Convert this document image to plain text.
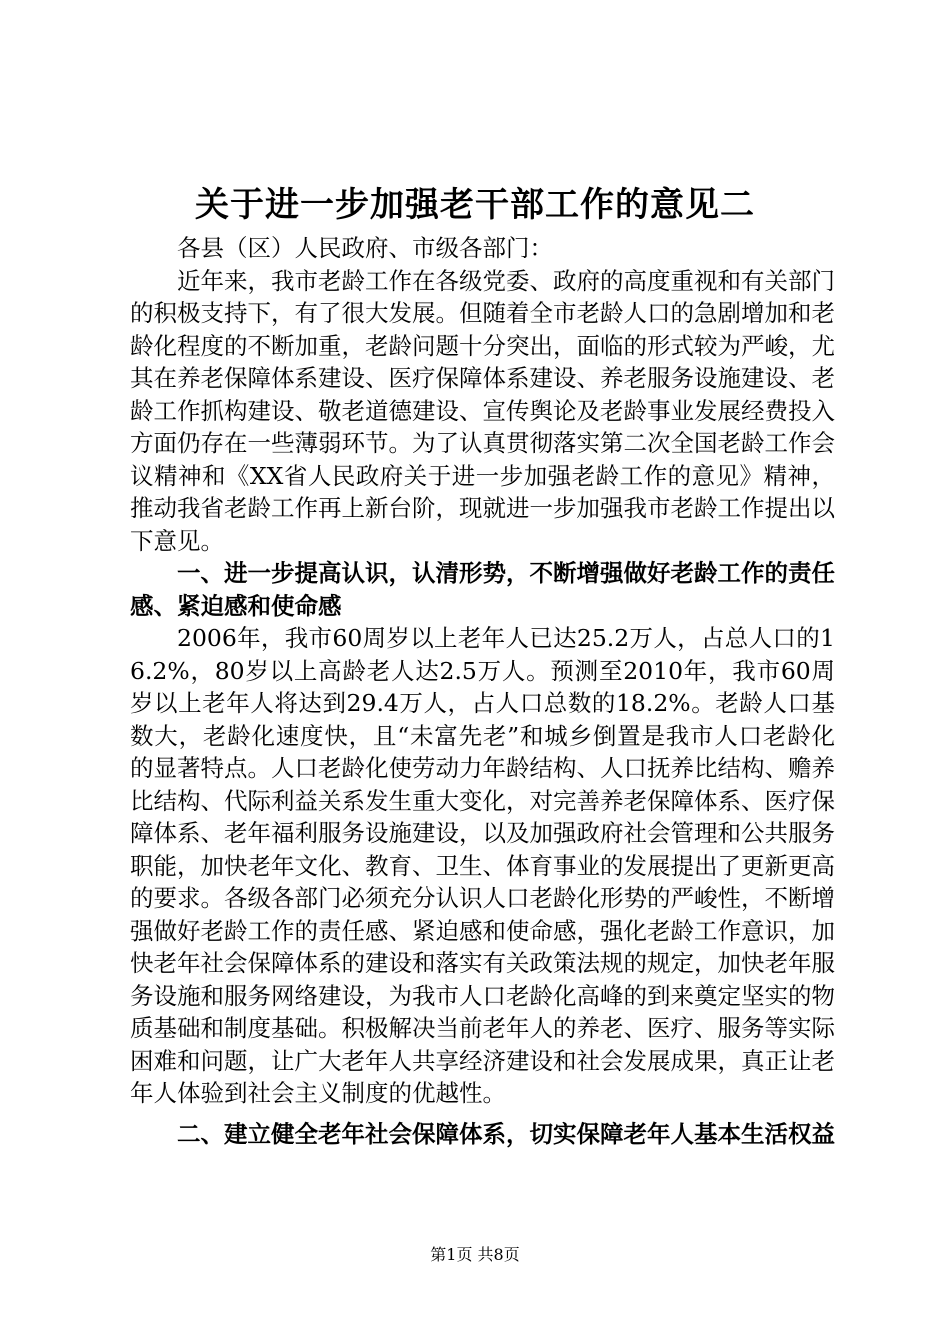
关于进一步加强老干部工作的意见二

各县（区）人民政府、市级各部门：

近年来，我市老龄工作在各级党委、政府的高度重视和有关部门的积极支持下，有了很大发展。但随着全市老龄人口的急剧增加和老龄化程度的不断加重，老龄问题十分突出，面临的形式较为严峻，尤其在养老保障体系建设、医疗保障体系建设、养老服务设施建设、老龄工作抓构建设、敬老道德建设、宣传舆论及老龄事业发展经费投入方面仍存在一些薄弱环节。为了认真贯彻落实第二次全国老龄工作会议精神和《XX省人民政府关于进一步加强老龄工作的意见》精神，推动我省老龄工作再上新台阶，现就进一步加强我市老龄工作提出以下意见。

一、进一步提高认识，认清形势，不断增强做好老龄工作的责任感、紧迫感和使命感

2006年，我市60周岁以上老年人已达25.2万人，占总人口的16.2%，80岁以上高龄老人达2.5万人。预测至2010年，我市60周岁以上老年人将达到29.4万人，占人口总数的18.2%。老龄人口基数大，老龄化速度快，且“未富先老”和城乡倒置是我市人口老龄化的显著特点。人口老龄化使劳动力年龄结构、人口抚养比结构、赡养比结构、代际利益关系发生重大变化，对完善养老保障体系、医疗保障体系、老年福利服务设施建设，以及加强政府社会管理和公共服务职能，加快老年文化、教育、卫生、体育事业的发展提出了更新更高的要求。各级各部门必须充分认识人口老龄化形势的严峻性，不断增强做好老龄工作的责任感、紧迫感和使命感，强化老龄工作意识，加快老年社会保障体系的建设和落实有关政策法规的规定，加快老年服务设施和服务网络建设，为我市人口老龄化高峰的到来奠定坚实的物质基础和制度基础。积极解决当前老年人的养老、医疗、服务等实际困难和问题，让广大老年人共享经济建设和社会发展成果，真正让老年人体验到社会主义制度的优越性。

二、建立健全老年社会保障体系，切实保障老年人基本生活权益

第1页 共8页
